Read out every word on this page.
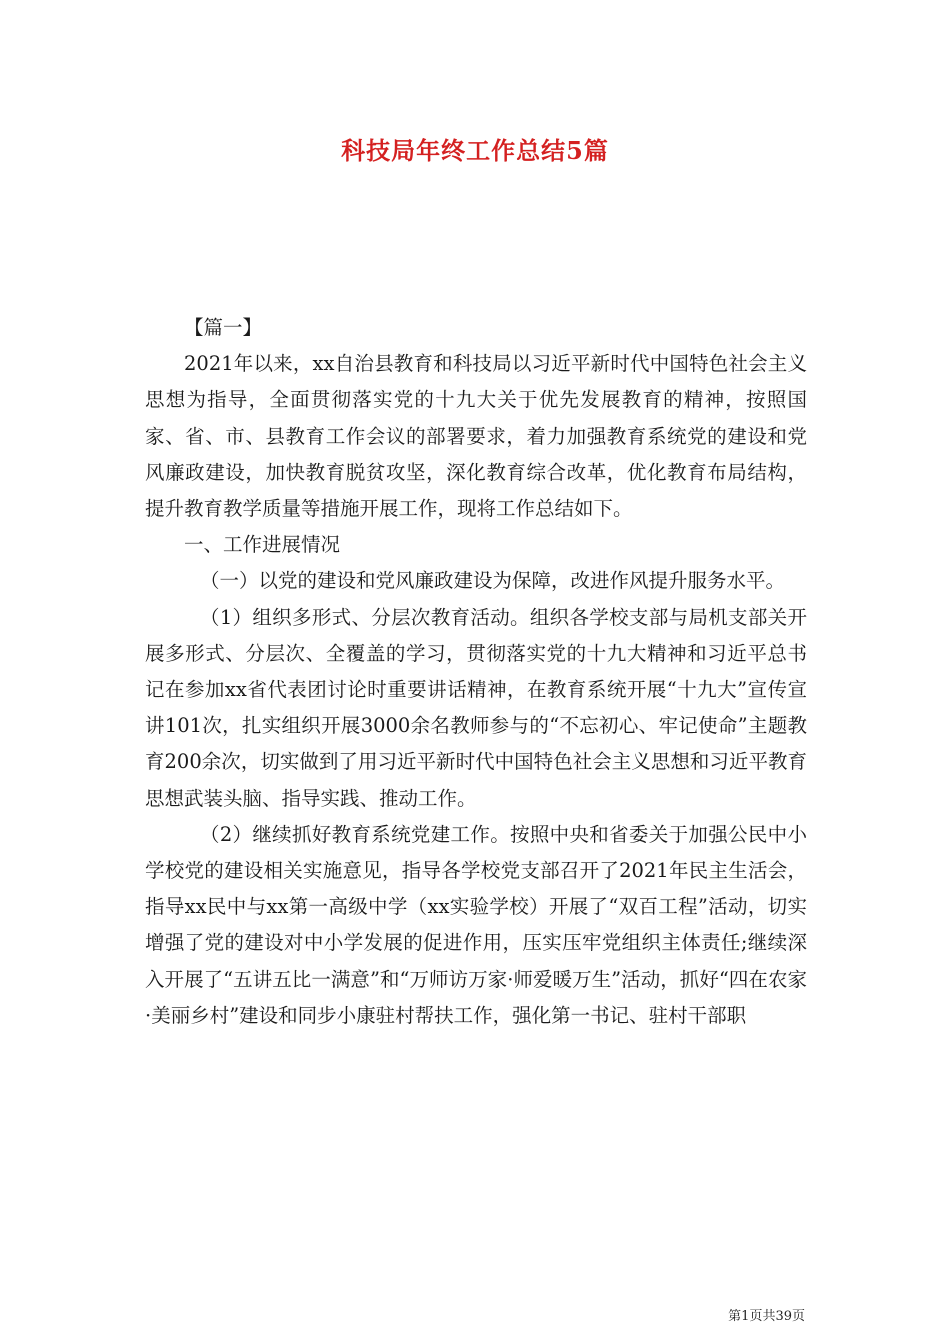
科技局年终工作总结5篇

【篇一】

2021年以来，xx自治县教育和科技局以习近平新时代中国特色社会主义思想为指导，全面贯彻落实党的十九大关于优先发展教育的精神，按照国家、省、市、县教育工作会议的部署要求，着力加强教育系统党的建设和党风廉政建设，加快教育脱贫攻坚，深化教育综合改革，优化教育布局结构，提升教育教学质量等措施开展工作，现将工作总结如下。

一、工作进展情况

（一）以党的建设和党风廉政建设为保障，改进作风提升服务水平。

（1）组织多形式、分层次教育活动。组织各学校支部与局机支部关开展多形式、分层次、全覆盖的学习，贯彻落实党的十九大精神和习近平总书记在参加xx省代表团讨论时重要讲话精神，在教育系统开展“十九大”宣传宣讲101次，扎实组织开展3000余名教师参与的“不忘初心、牢记使命”主题教育200余次，切实做到了用习近平新时代中国特色社会主义思想和习近平教育思想武装头脑、指导实践、推动工作。

（2）继续抓好教育系统党建工作。按照中央和省委关于加强公民中小学校党的建设相关实施意见，指导各学校党支部召开了2021年民主生活会，指导xx民中与xx第一高级中学（xx实验学校）开展了“双百工程”活动，切实增强了党的建设对中小学发展的促进作用，压实压牢党组织主体责任;继续深入开展了“五讲五比一满意”和“万师访万家·师爱暖万生”活动，抓好“四在农家·美丽乡村”建设和同步小康驻村帮扶工作，强化第一书记、驻村干部职

第1页共39页
